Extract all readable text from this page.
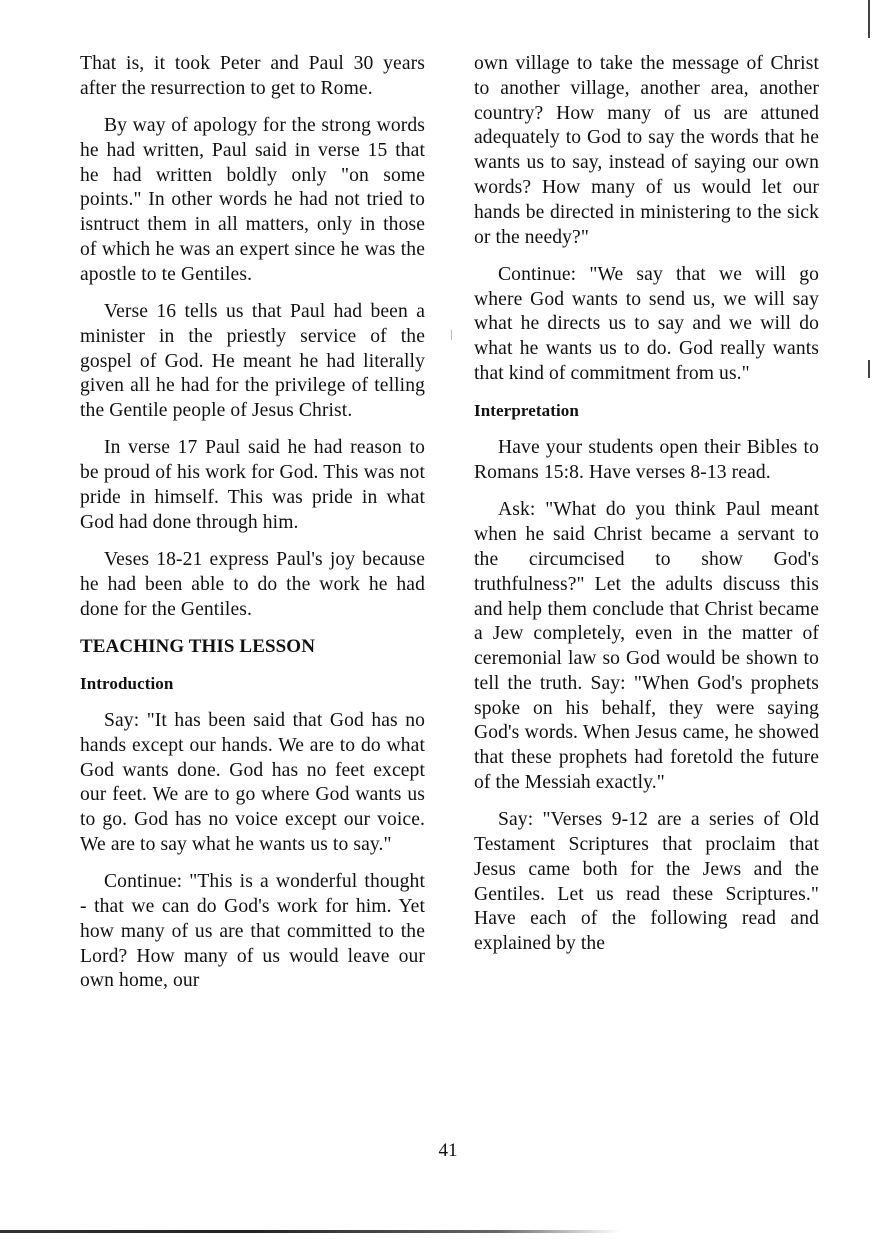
That is, it took Peter and Paul 30 years after the resurrection to get to Rome.

By way of apology for the strong words he had written, Paul said in verse 15 that he had written boldly only "on some points." In other words he had not tried to isntruct them in all matters, only in those of which he was an expert since he was the apostle to te Gentiles.

Verse 16 tells us that Paul had been a minister in the priestly service of the gospel of God. He meant he had literally given all he had for the privilege of telling the Gentile people of Jesus Christ.

In verse 17 Paul said he had reason to be proud of his work for God. This was not pride in himself. This was pride in what God had done through him.

Veses 18-21 express Paul's joy because he had been able to do the work he had done for the Gentiles.

TEACHING THIS LESSON
Introduction

Say: "It has been said that God has no hands except our hands. We are to do what God wants done. God has no feet except our feet. We are to go where God wants us to go. God has no voice except our voice. We are to say what he wants us to say."

Continue: "This is a wonderful thought - that we can do God's work for him. Yet how many of us are that committed to the Lord? How many of us would leave our own home, our

own village to take the message of Christ to another village, another area, another country? How many of us are attuned adequately to God to say the words that he wants us to say, instead of saying our own words? How many of us would let our hands be directed in ministering to the sick or the needy?"

Continue: "We say that we will go where God wants to send us, we will say what he directs us to say and we will do what he wants us to do. God really wants that kind of commitment from us."

Interpretation

Have your students open their Bibles to Romans 15:8. Have verses 8-13 read.

Ask: "What do you think Paul meant when he said Christ became a servant to the circumcised to show God's truthfulness?" Let the adults discuss this and help them conclude that Christ became a Jew completely, even in the matter of ceremonial law so God would be shown to tell the truth. Say: "When God's prophets spoke on his behalf, they were saying God's words. When Jesus came, he showed that these prophets had foretold the future of the Messiah exactly."

Say: "Verses 9-12 are a series of Old Testament Scriptures that proclaim that Jesus came both for the Jews and the Gentiles. Let us read these Scriptures." Have each of the following read and explained by the

41
